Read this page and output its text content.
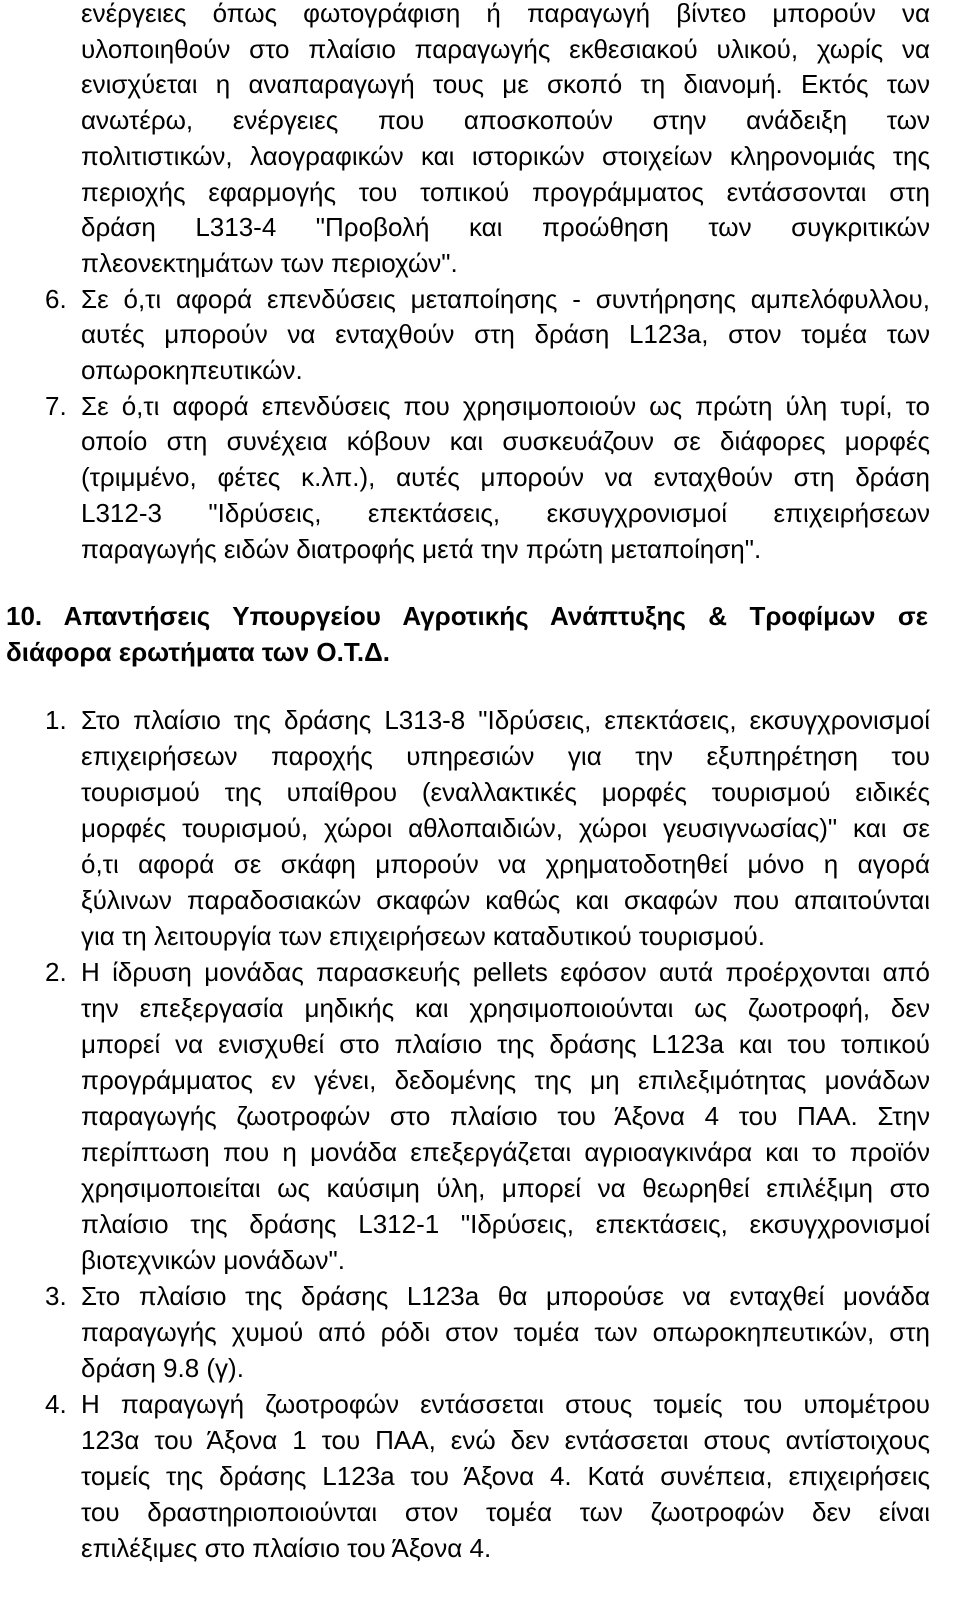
ενέργειες όπως φωτογράφιση ή παραγωγή βίντεο μπορούν να
υλοποιηθούν στο πλαίσιο παραγωγής εκθεσιακού υλικού, χωρίς να
ενισχύεται η αναπαραγωγή τους με σκοπό τη διανομή. Εκτός των
ανωτέρω, ενέργειες που αποσκοπούν στην ανάδειξη των
πολιτιστικών, λαογραφικών και ιστορικών στοιχείων κληρονομιάς της
περιοχής εφαρμογής του τοπικού προγράμματος εντάσσονται στη
δράση L313-4 "Προβολή και προώθηση των συγκριτικών
πλεονεκτημάτων των περιοχών".
6. Σε ό,τι αφορά επενδύσεις μεταποίησης - συντήρησης αμπελόφυλλου,
αυτές μπορούν να ενταχθούν στη δράση L123a, στον τομέα των
οπωροκηπευτικών.
7. Σε ό,τι αφορά επενδύσεις που χρησιμοποιούν ως πρώτη ύλη τυρί, το
οποίο στη συνέχεια κόβουν και συσκευάζουν σε διάφορες μορφές
(τριμμένο, φέτες κ.λπ.), αυτές μπορούν να ενταχθούν στη δράση
L312-3 "Ιδρύσεις, επεκτάσεις, εκσυγχρονισμοί επιχειρήσεων
παραγωγής ειδών διατροφής μετά την πρώτη μεταποίηση".
10. Απαντήσεις Υπουργείου Αγροτικής Ανάπτυξης & Τροφίμων σε
διάφορα ερωτήματα των Ο.Τ.Δ.
1. Στο πλαίσιο της δράσης L313-8 "Ιδρύσεις, επεκτάσεις, εκσυγχρονισμοί
επιχειρήσεων παροχής υπηρεσιών για την εξυπηρέτηση του
τουρισμού της υπαίθρου (εναλλακτικές μορφές τουρισμού ειδικές
μορφές τουρισμού, χώροι αθλοπαιδιών, χώροι γευσιγνωσίας)" και σε
ό,τι αφορά σε σκάφη μπορούν να χρηματοδοτηθεί μόνο η αγορά
ξύλινων παραδοσιακών σκαφών καθώς και σκαφών που απαιτούνται
για τη λειτουργία των επιχειρήσεων καταδυτικού τουρισμού.
2. Η ίδρυση μονάδας παρασκευής pellets εφόσον αυτά προέρχονται από
την επεξεργασία μηδικής και χρησιμοποιούνται ως ζωοτροφή, δεν
μπορεί να ενισχυθεί στο πλαίσιο της δράσης L123a και του τοπικού
προγράμματος εν γένει, δεδομένης της μη επιλεξιμότητας μονάδων
παραγωγής ζωοτροφών στο πλαίσιο του Άξονα 4 του ΠΑΑ. Στην
περίπτωση που η μονάδα επεξεργάζεται αγριοαγκινάρα και το προϊόν
χρησιμοποιείται ως καύσιμη ύλη, μπορεί να θεωρηθεί επιλέξιμη στο
πλαίσιο της δράσης L312-1 "Ιδρύσεις, επεκτάσεις, εκσυγχρονισμοί
βιοτεχνικών μονάδων".
3. Στο πλαίσιο της δράσης L123a θα μπορούσε να ενταχθεί μονάδα
παραγωγής χυμού από ρόδι στον τομέα των οπωροκηπευτικών, στη
δράση 9.8 (γ).
4. Η παραγωγή ζωοτροφών εντάσσεται στους τομείς του υπομέτρου
123α του Άξονα 1 του ΠΑΑ, ενώ δεν εντάσσεται στους αντίστοιχους
τομείς της δράσης L123a του Άξονα 4. Κατά συνέπεια, επιχειρήσεις
του δραστηριοποιούνται στον τομέα των ζωοτροφών δεν είναι
επιλέξιμες στο πλαίσιο του Άξονα 4.
